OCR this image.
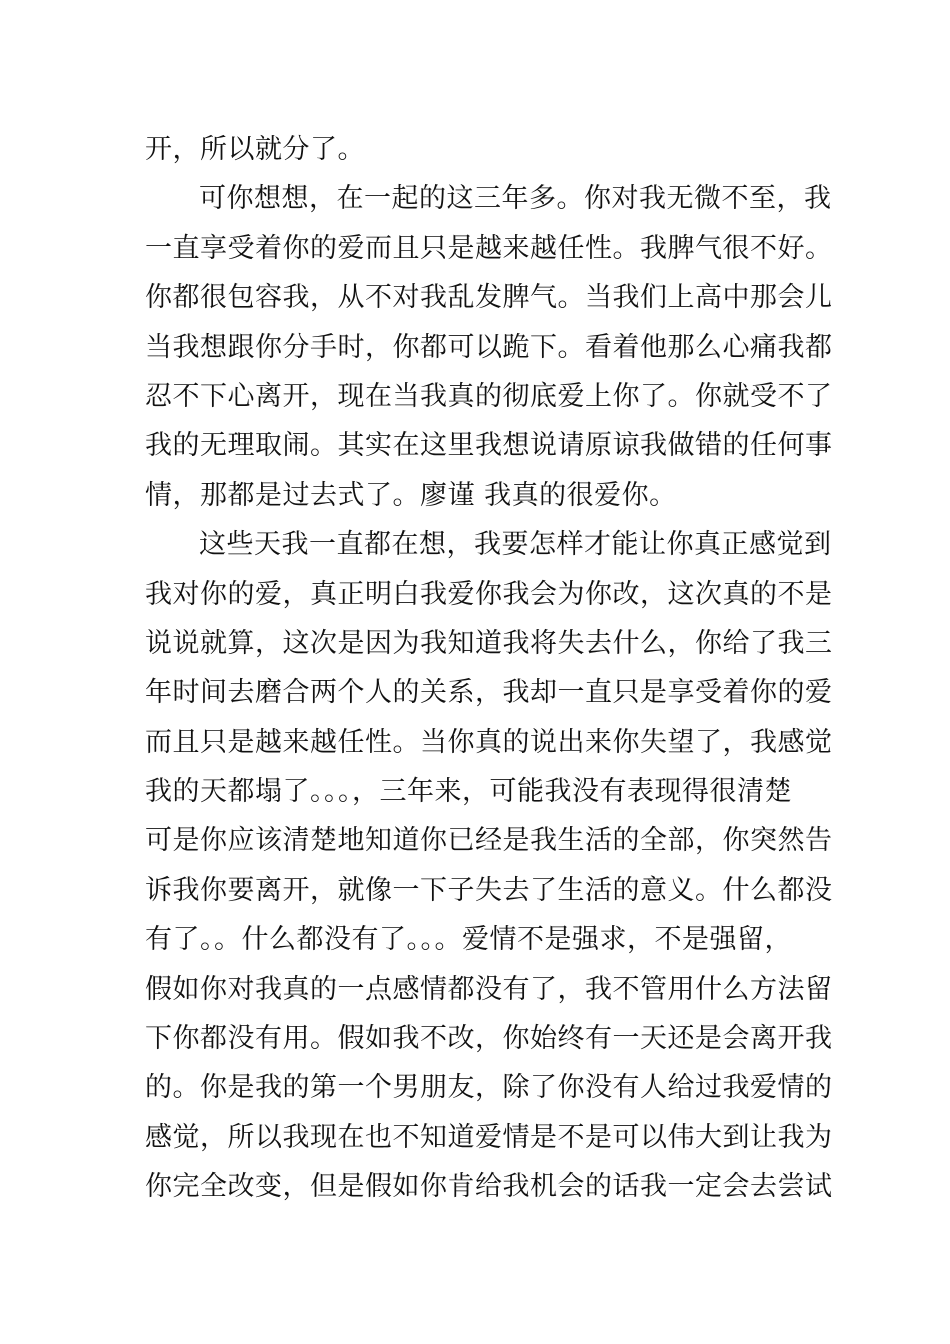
开，所以就分了。
可你想想，在一起的这三年多。你对我无微不至，我
一直享受着你的爱而且只是越来越任性。我脾气很不好。
你都很包容我，从不对我乱发脾气。当我们上高中那会儿
当我想跟你分手时，你都可以跪下。看着他那么心痛我都
忍不下心离开，现在当我真的彻底爱上你了。你就受不了
我的无理取闹。其实在这里我想说请原谅我做错的任何事
情，那都是过去式了。廖谨 我真的很爱你。
这些天我一直都在想，我要怎样才能让你真正感觉到
我对你的爱，真正明白我爱你我会为你改，这次真的不是
说说就算，这次是因为我知道我将失去什么，你给了我三
年时间去磨合两个人的关系，我却一直只是享受着你的爱
而且只是越来越任性。当你真的说出来你失望了，我感觉
我的天都塌了。。。，三年来，可能我没有表现得很清楚
可是你应该清楚地知道你已经是我生活的全部，你突然告
诉我你要离开，就像一下子失去了生活的意义。什么都没
有了。。什么都没有了。。。爱情不是强求，不是强留，
假如你对我真的一点感情都没有了，我不管用什么方法留
下你都没有用。假如我不改，你始终有一天还是会离开我
的。你是我的第一个男朋友，除了你没有人给过我爱情的
感觉，所以我现在也不知道爱情是不是可以伟大到让我为
你完全改变，但是假如你肯给我机会的话我一定会去尝试
